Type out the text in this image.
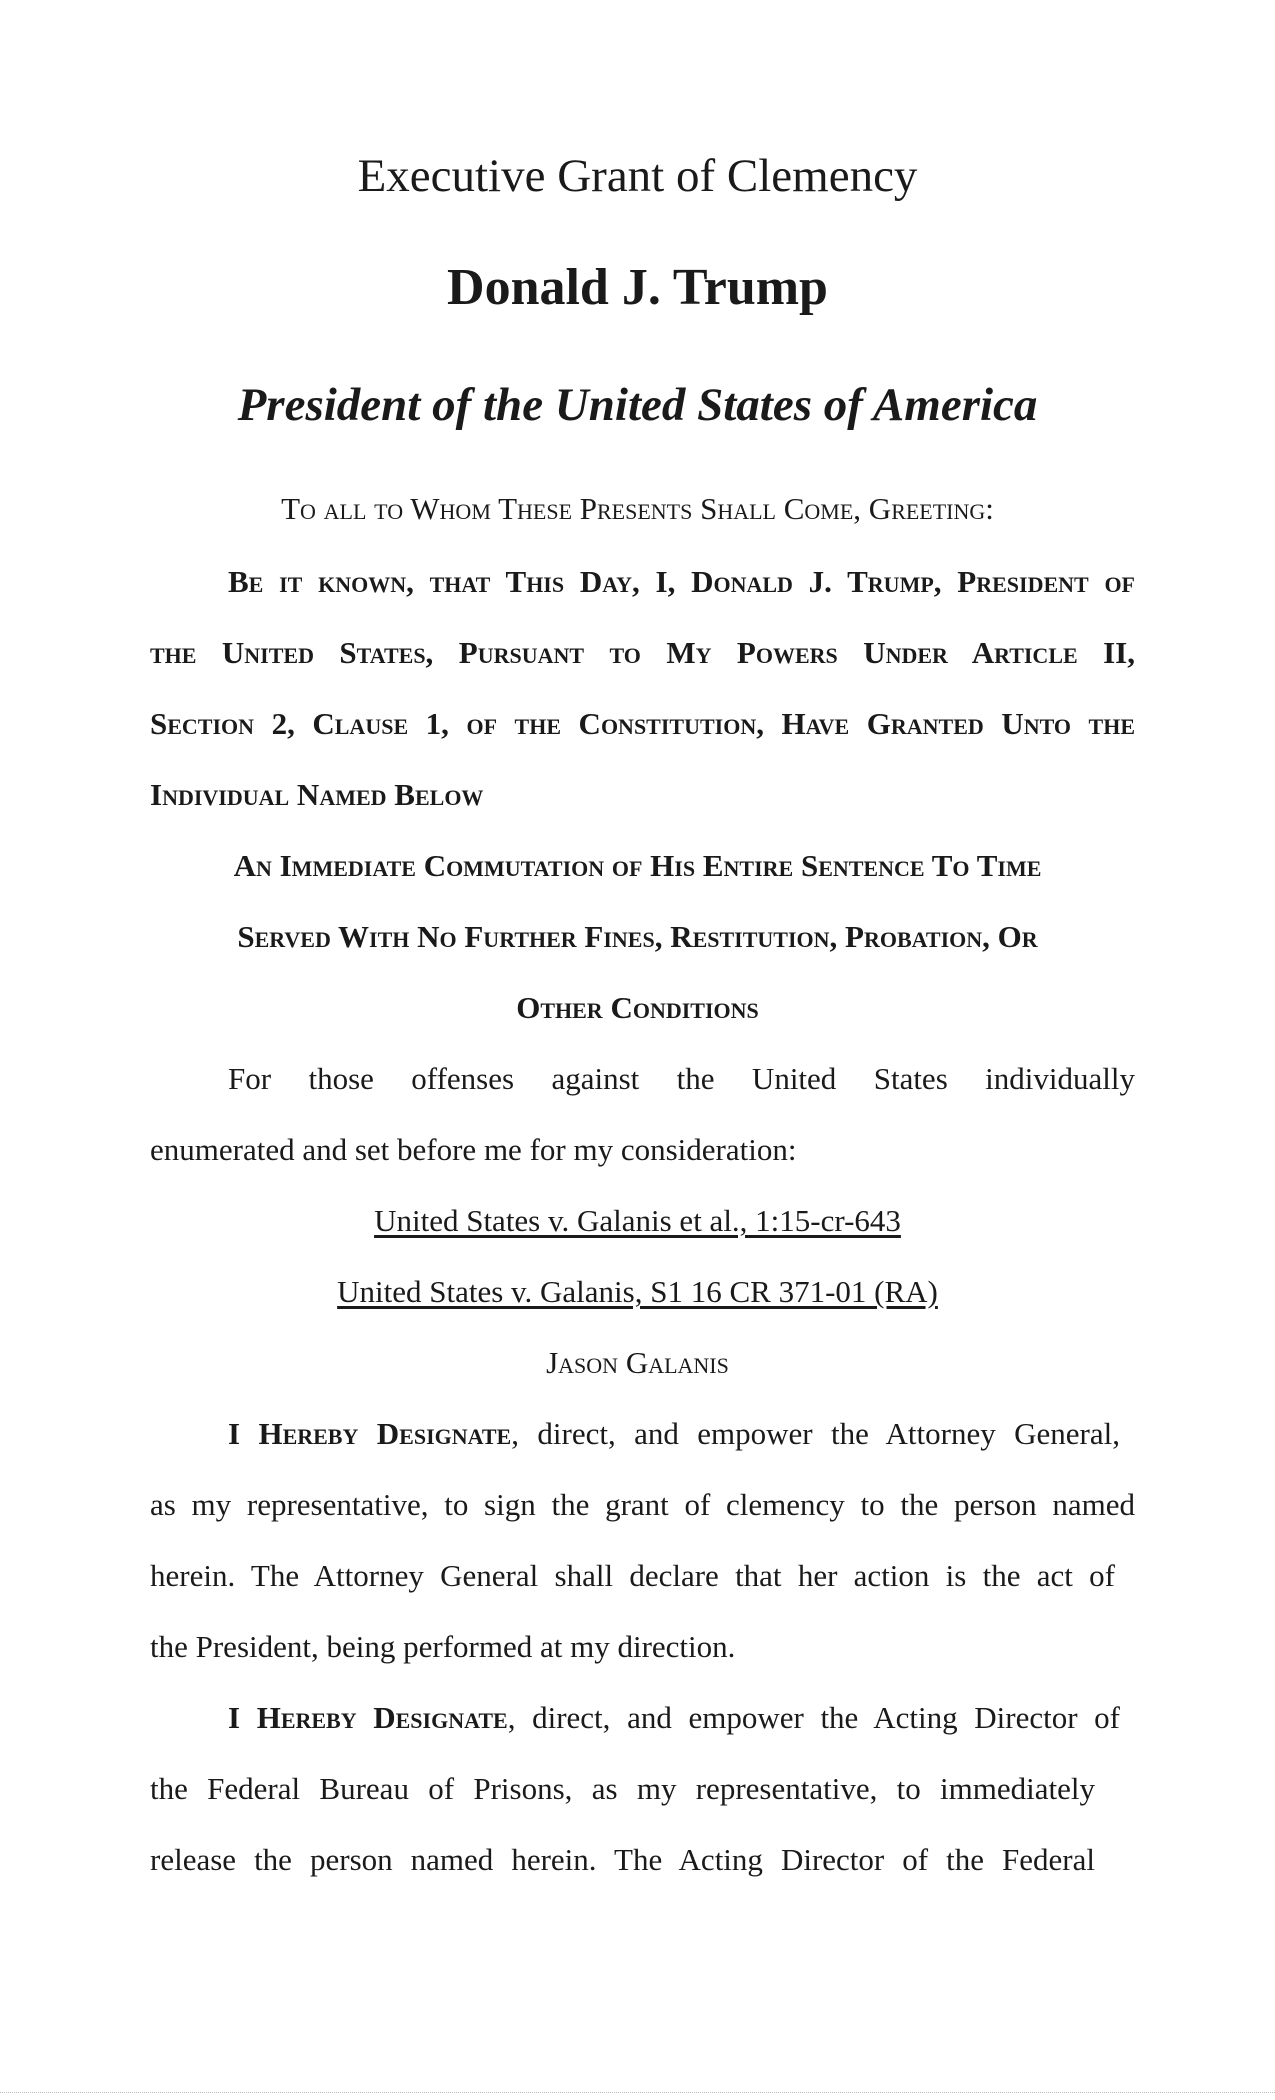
Executive Grant of Clemency
Donald J. Trump
President of the United States of America
To all to Whom These Presents Shall Come, Greeting:
Be it known, that This Day, I, Donald J. Trump, President of
the United States, Pursuant to My Powers Under Article II,
Section 2, Clause 1, of the Constitution, Have Granted Unto the
Individual Named Below
An Immediate Commutation of His Entire Sentence To Time
Served With No Further Fines, Restitution, Probation, Or
Other Conditions
For those offenses against the United States individually
enumerated and set before me for my consideration:
United States v. Galanis et al., 1:15-cr-643
United States v. Galanis, S1 16 CR 371-01 (RA)
Jason Galanis
I Hereby Designate, direct, and empower the Attorney General,
as my representative, to sign the grant of clemency to the person named
herein. The Attorney General shall declare that her action is the act of
the President, being performed at my direction.
I Hereby Designate, direct, and empower the Acting Director of
the Federal Bureau of Prisons, as my representative, to immediately
release the person named herein. The Acting Director of the Federal
